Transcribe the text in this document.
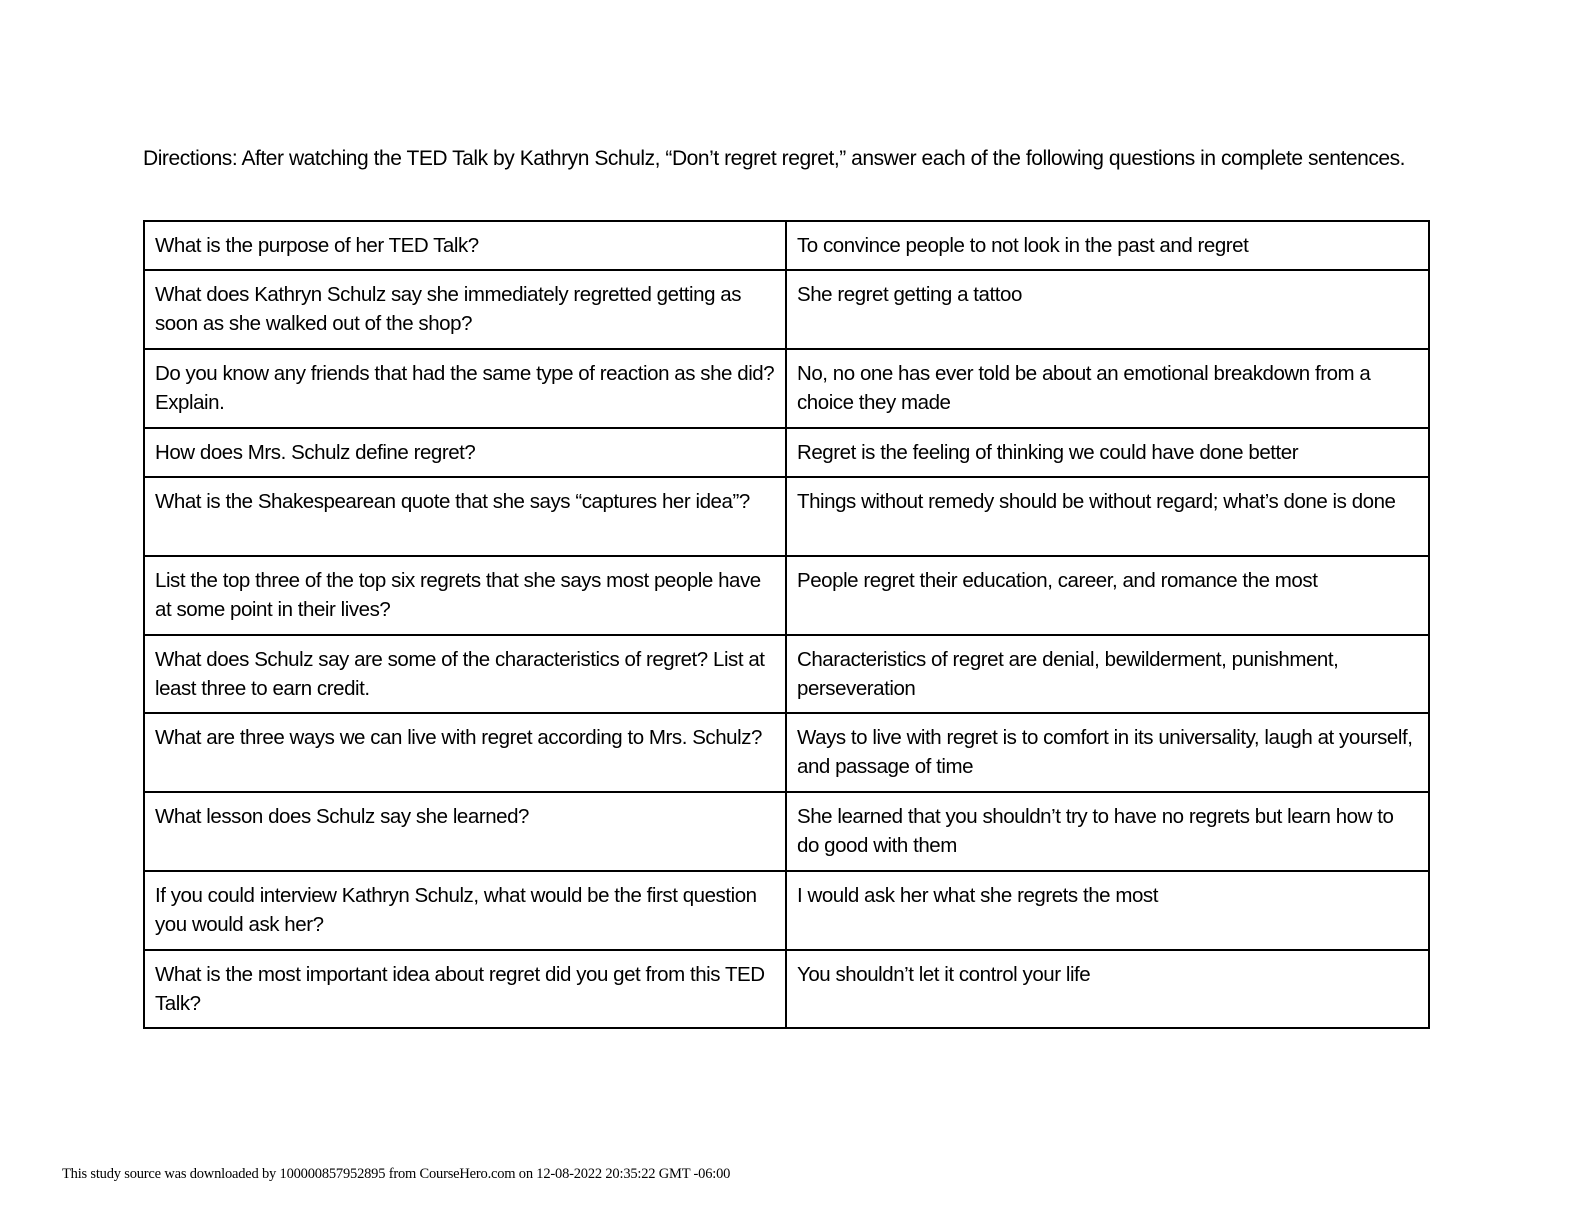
Directions: After watching the TED Talk by Kathryn Schulz, “Don’t regret regret,” answer each of the following questions in complete sentences.
What is the purpose of her TED Talk?	To convince people to not look in the past and regret
What does Kathryn Schulz say she immediately regretted getting as soon as she walked out of the shop?	She regret getting a tattoo
Do you know any friends that had the same type of reaction as she did? Explain.	No, no one has ever told be about an emotional breakdown from a choice they made
How does Mrs. Schulz define regret?	Regret is the feeling of thinking we could have done better
What is the Shakespearean quote that she says “captures her idea”?	Things without remedy should be without regard; what’s done is done
List the top three of the top six regrets that she says most people have at some point in their lives?	People regret their education, career, and romance the most
What does Schulz say are some of the characteristics of regret? List at least three to earn credit.	Characteristics of regret are denial, bewilderment, punishment, perseveration
What are three ways we can live with regret according to Mrs. Schulz?	Ways to live with regret is to comfort in its universality, laugh at yourself, and passage of time
What lesson does Schulz say she learned?	She learned that you shouldn’t try to have no regrets but learn how to do good with them
If you could interview Kathryn Schulz, what would be the first question you would ask her?	I would ask her what she regrets the most
What is the most important idea about regret did you get from this TED Talk?	You shouldn’t let it control your life
This study source was downloaded by 100000857952895 from CourseHero.com on 12-08-2022 20:35:22 GMT -06:00
